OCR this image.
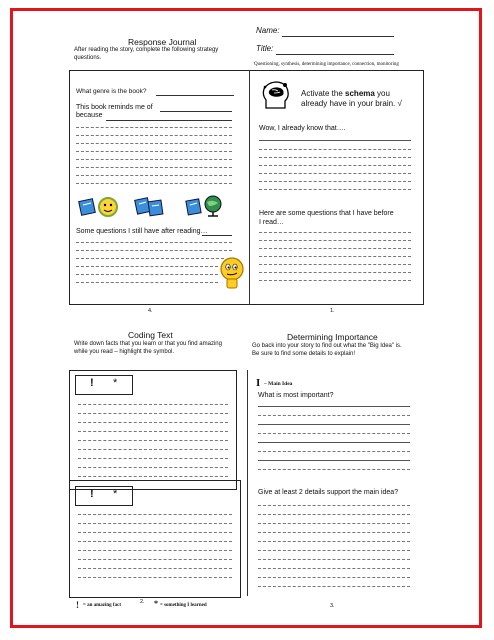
Response Journal
After reading the story, complete the following strategy
questions.
Name:
Title:
Questioning, synthesis, determining importance, connection, monitoring
What genre is the book?
This book reminds me of
because
Some questions I still have after reading…
4.
Activate the schema you
already have in your brain. √
Wow, I already know that….
Here are some questions that I have before
I read…
1.
Coding Text
Write down facts that you learn or that you find amazing
while you read – highlight the symbol.
! *
! *
! = an amazing fact
2. * = something I learned
Determining Importance
Go back into your story to find out what the "Big Idea" is.
Be sure to find some details to explain!
I – Main Idea
What is most important?
Give at least 2 details support the main idea?
3.
